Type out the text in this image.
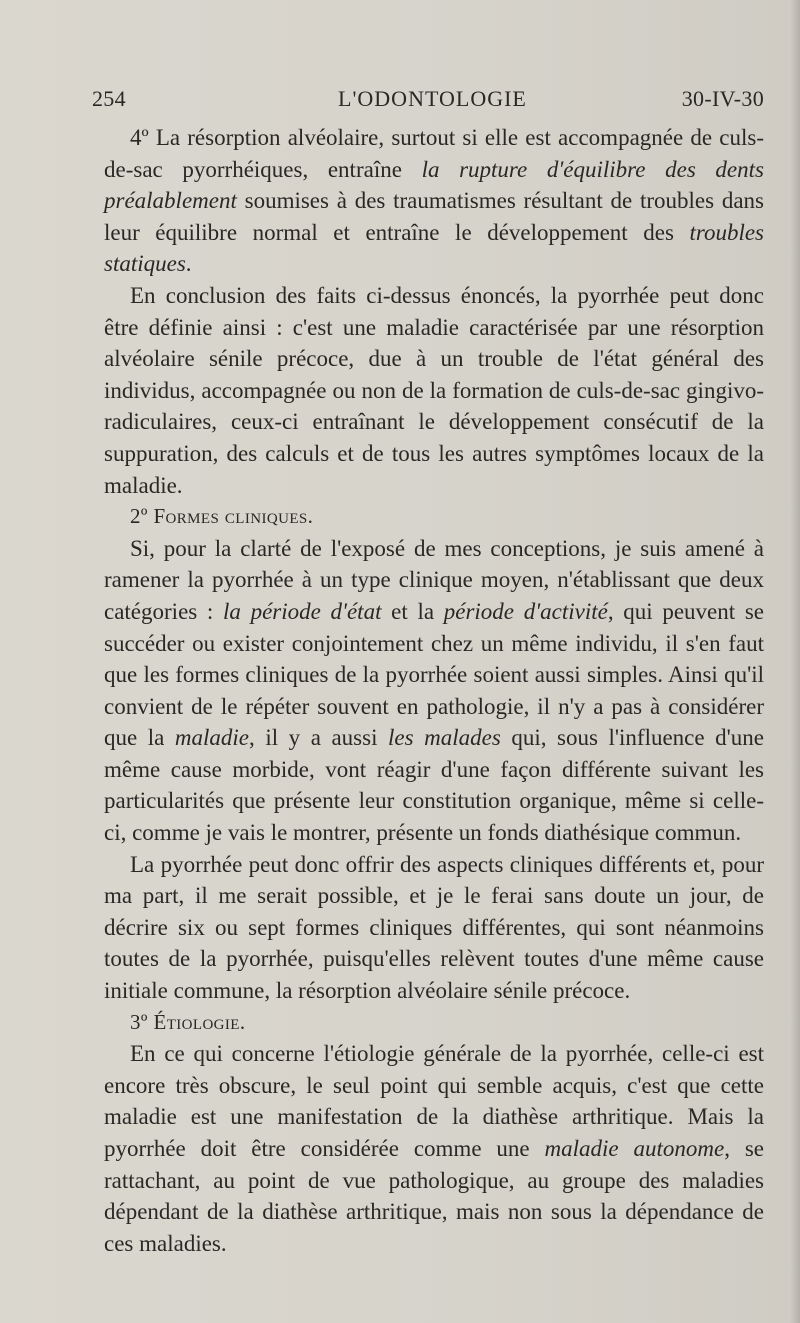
254	L'ODONTOLOGIE	30-IV-30

4º La résorption alvéolaire, surtout si elle est accompagnée de culs-de-sac pyorrhéiques, entraîne la rupture d'équilibre des dents préalablement soumises à des traumatismes résultant de troubles dans leur équilibre normal et entraîne le développement des troubles statiques.

En conclusion des faits ci-dessus énoncés, la pyorrhée peut donc être définie ainsi : c'est une maladie caractérisée par une résorption alvéolaire sénile précoce, due à un trouble de l'état général des individus, accompagnée ou non de la formation de culs-de-sac gingivo-radiculaires, ceux-ci entraînant le développement consécutif de la suppuration, des calculs et de tous les autres symptômes locaux de la maladie.

2º Formes cliniques.

Si, pour la clarté de l'exposé de mes conceptions, je suis amené à ramener la pyorrhée à un type clinique moyen, n'établissant que deux catégories : la période d'état et la période d'activité, qui peuvent se succéder ou exister conjointement chez un même individu, il s'en faut que les formes cliniques de la pyorrhée soient aussi simples. Ainsi qu'il convient de le répéter souvent en pathologie, il n'y a pas à considérer que la maladie, il y a aussi les malades qui, sous l'influence d'une même cause morbide, vont réagir d'une façon différente suivant les particularités que présente leur constitution organique, même si celle-ci, comme je vais le montrer, présente un fonds diathésique commun.

La pyorrhée peut donc offrir des aspects cliniques différents et, pour ma part, il me serait possible, et je le ferai sans doute un jour, de décrire six ou sept formes cliniques différentes, qui sont néanmoins toutes de la pyorrhée, puisqu'elles relèvent toutes d'une même cause initiale commune, la résorption alvéolaire sénile précoce.

3º Étiologie.

En ce qui concerne l'étiologie générale de la pyorrhée, celle-ci est encore très obscure, le seul point qui semble acquis, c'est que cette maladie est une manifestation de la diathèse arthritique. Mais la pyorrhée doit être considérée comme une maladie autonome, se rattachant, au point de vue pathologique, au groupe des maladies dépendant de la diathèse arthritique, mais non sous la dépendance de ces maladies.
